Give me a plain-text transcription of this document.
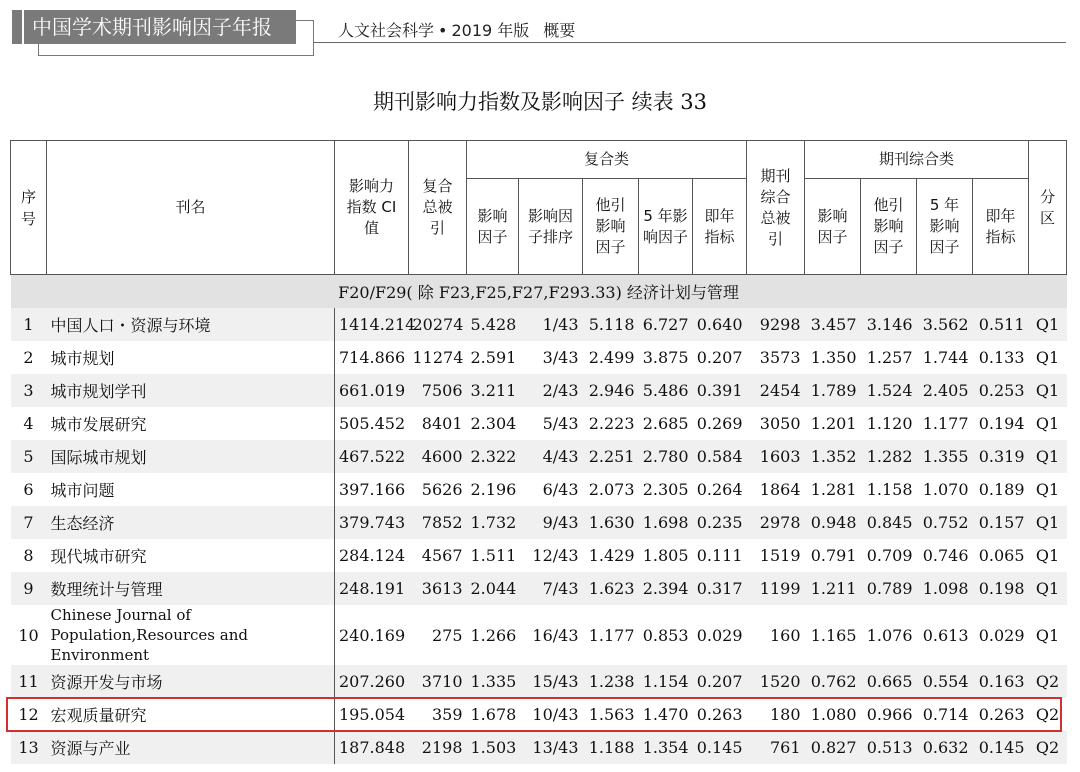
中国学术期刊影响因子年报	人文社会科学 • 2019 年版 概要
期刊影响力指数及影响因子 续表 33
序号	刊名	影响力指数 CI 值	复合总被引	复合类					期刊综合总被引	期刊综合类				分区
				影响因子	影响因子排序	他引影响因子	5 年影响因子	即年指标		影响因子	他引影响因子	5 年影响因子	即年指标	
F20/F29( 除 F23,F25,F27,F293.33) 经济计划与管理														
1	中国人口・资源与环境	1414.214	20274	5.428	1/43	5.118	6.727	0.640	9298	3.457	3.146	3.562	0.511	Q1
2	城市规划	714.866	11274	2.591	3/43	2.499	3.875	0.207	3573	1.350	1.257	1.744	0.133	Q1
3	城市规划学刊	661.019	7506	3.211	2/43	2.946	5.486	0.391	2454	1.789	1.524	2.405	0.253	Q1
4	城市发展研究	505.452	8401	2.304	5/43	2.223	2.685	0.269	3050	1.201	1.120	1.177	0.194	Q1
5	国际城市规划	467.522	4600	2.322	4/43	2.251	2.780	0.584	1603	1.352	1.282	1.355	0.319	Q1
6	城市问题	397.166	5626	2.196	6/43	2.073	2.305	0.264	1864	1.281	1.158	1.070	0.189	Q1
7	生态经济	379.743	7852	1.732	9/43	1.630	1.698	0.235	2978	0.948	0.845	0.752	0.157	Q1
8	现代城市研究	284.124	4567	1.511	12/43	1.429	1.805	0.111	1519	0.791	0.709	0.746	0.065	Q1
9	数理统计与管理	248.191	3613	2.044	7/43	1.623	2.394	0.317	1199	1.211	0.789	1.098	0.198	Q1
10	Chinese Journal of Population,Resources and Environment	240.169	275	1.266	16/43	1.177	0.853	0.029	160	1.165	1.076	0.613	0.029	Q1
11	资源开发与市场	207.260	3710	1.335	15/43	1.238	1.154	0.207	1520	0.762	0.665	0.554	0.163	Q2
12	宏观质量研究	195.054	359	1.678	10/43	1.563	1.470	0.263	180	1.080	0.966	0.714	0.263	Q2
13	资源与产业	187.848	2198	1.503	13/43	1.188	1.354	0.145	761	0.827	0.513	0.632	0.145	Q2
